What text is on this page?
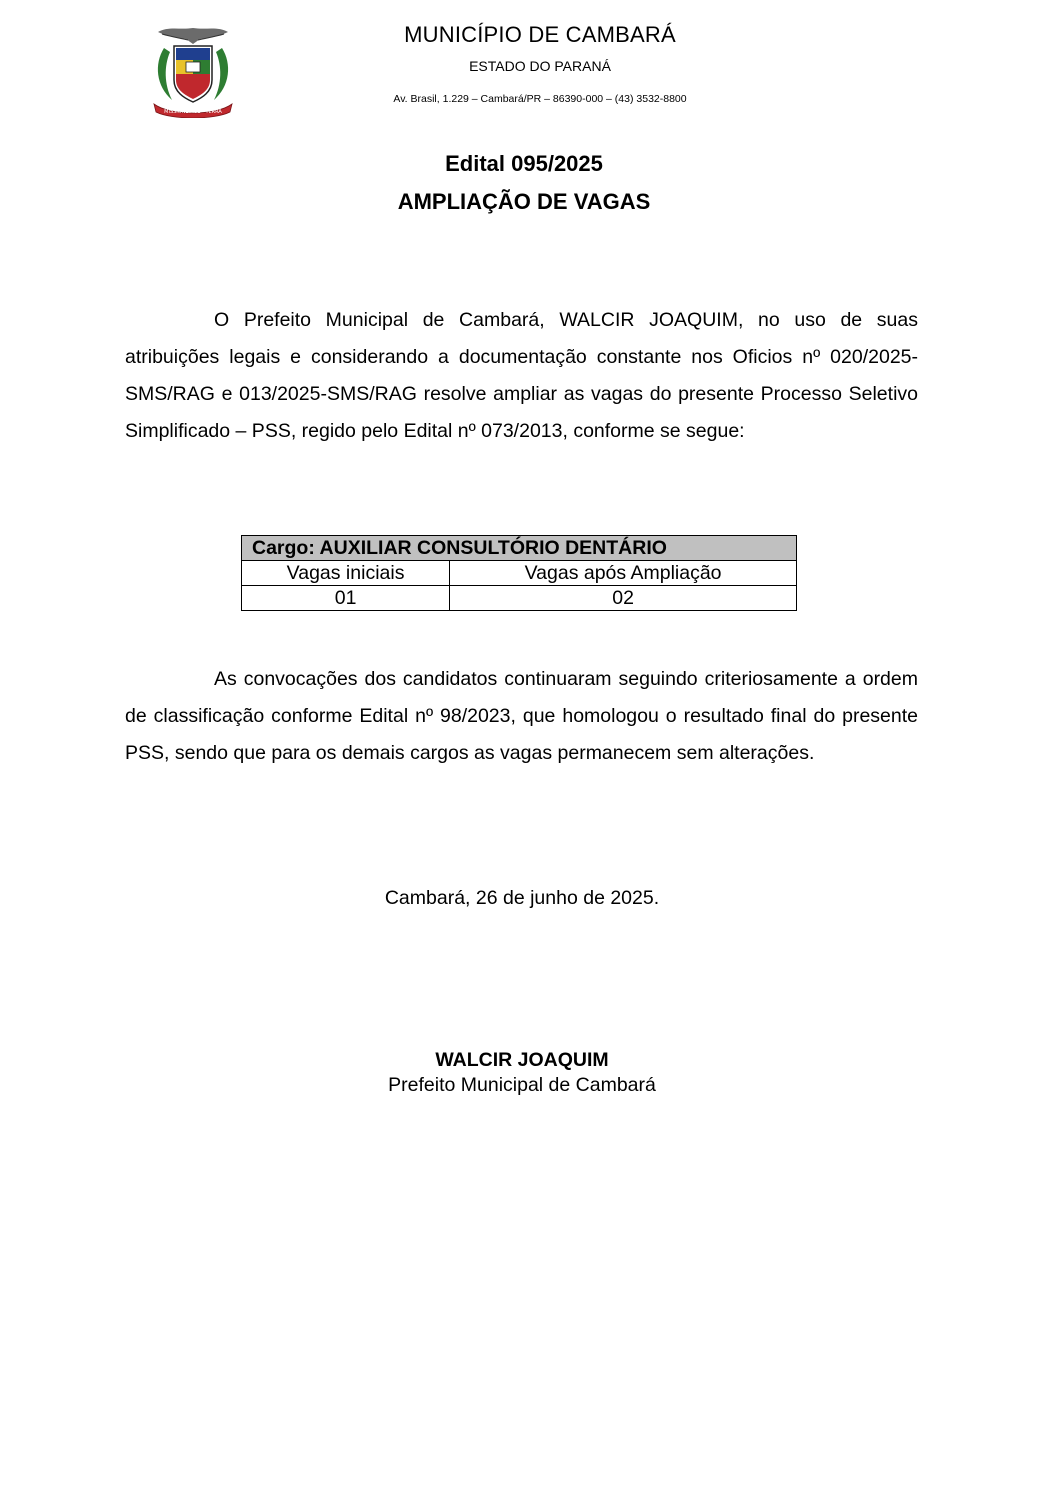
MISSIONEIROS · TERRA
MUNICÍPIO DE CAMBARÁ
ESTADO DO PARANÁ
Av. Brasil, 1.229 – Cambará/PR – 86390-000 – (43) 3532-8800
Edital 095/2025
AMPLIAÇÃO DE VAGAS

O Prefeito Municipal de Cambará, WALCIR JOAQUIM, no uso de suas atribuições legais e considerando a documentação constante nos Oficios nº 020/2025-SMS/RAG e 013/2025-SMS/RAG resolve ampliar as vagas do presente Processo Seletivo Simplificado – PSS, regido pelo Edital nº 073/2013, conforme se segue:

Cargo: AUXILIAR CONSULTÓRIO DENTÁRIO	
Vagas iniciais	Vagas após Ampliação
01	02

As convocações dos candidatos continuaram seguindo criteriosamente a ordem de classificação conforme Edital nº 98/2023, que homologou o resultado final do presente PSS, sendo que para os demais cargos as vagas permanecem sem alterações.

Cambará, 26 de junho de 2025.
WALCIR JOAQUIM
Prefeito Municipal de Cambará
